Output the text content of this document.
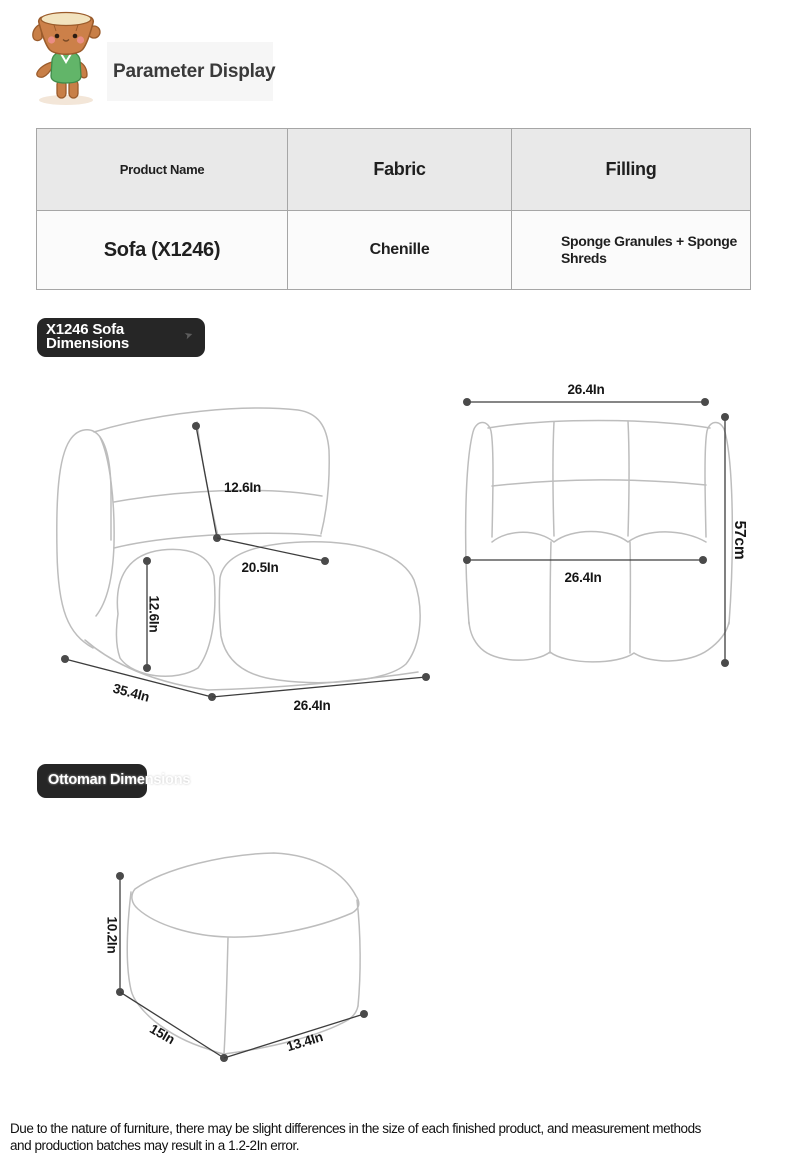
Parameter Display
Product Name	Fabric	Filling
Sofa (X1246)	Chenille	Sponge Granules + Sponge Shreds
X1246 Sofa Dimensions	➤
12.6In
20.5In
12.6In
35.4In
26.4In
26.4In
57cm
26.4In
Ottoman Dimensions
10.2In
15In	13.4In

Due to the nature of furniture, there may be slight differences in the size of each finished product, and measurement methods and production batches may result in a 1.2-2In error.
